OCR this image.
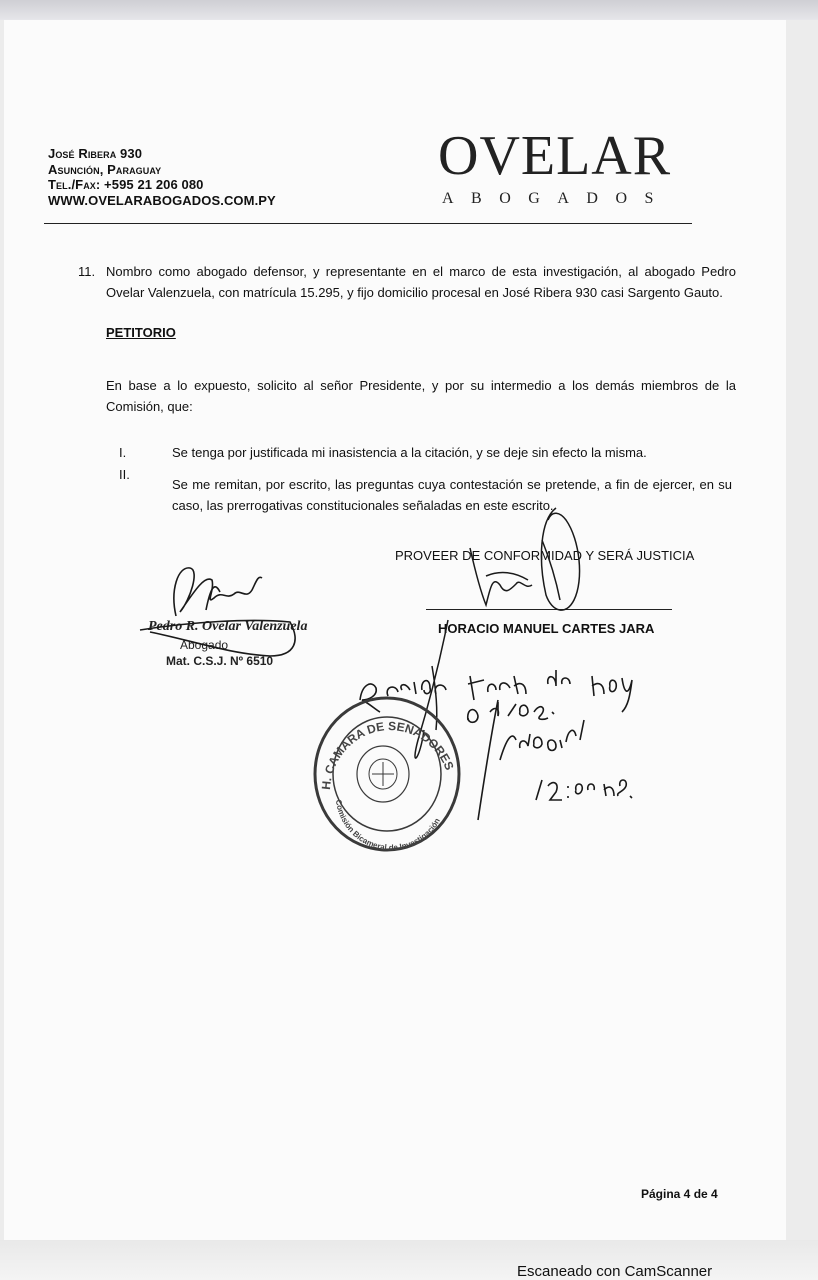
José Ribera 930
Asunción, Paraguay
Tel./Fax: +595 21 206 080
WWW.OVELARABOGADOS.COM.PY
OVELAR
ABOGADOS
11. Nombro como abogado defensor, y representante en el marco de esta investigación, al abogado Pedro Ovelar Valenzuela, con matrícula 15.295, y fijo domicilio procesal en José Ribera 930 casi Sargento Gauto.
PETITORIO
En base a lo expuesto, solicito al señor Presidente, y por su intermedio a los demás miembros de la Comisión, que:
I.	Se tenga por justificada mi inasistencia a la citación, y se deje sin efecto la misma.
II.
Se me remitan, por escrito, las preguntas cuya contestación se pretende, a fin de ejercer, en su caso, las prerrogativas constitucionales señaladas en este escrito.
PROVEER DE CONFORMIDAD Y SERÁ JUSTICIA
HORACIO MANUEL CARTES JARA
Pedro R. Ovelar Valenzuela
Abogado
Mat. C.S.J. Nº 6510
H. CAMARA DE SENADORES
Comisión Bicameral de Investigación
Página 4 de 4
Escaneado con CamScanner
